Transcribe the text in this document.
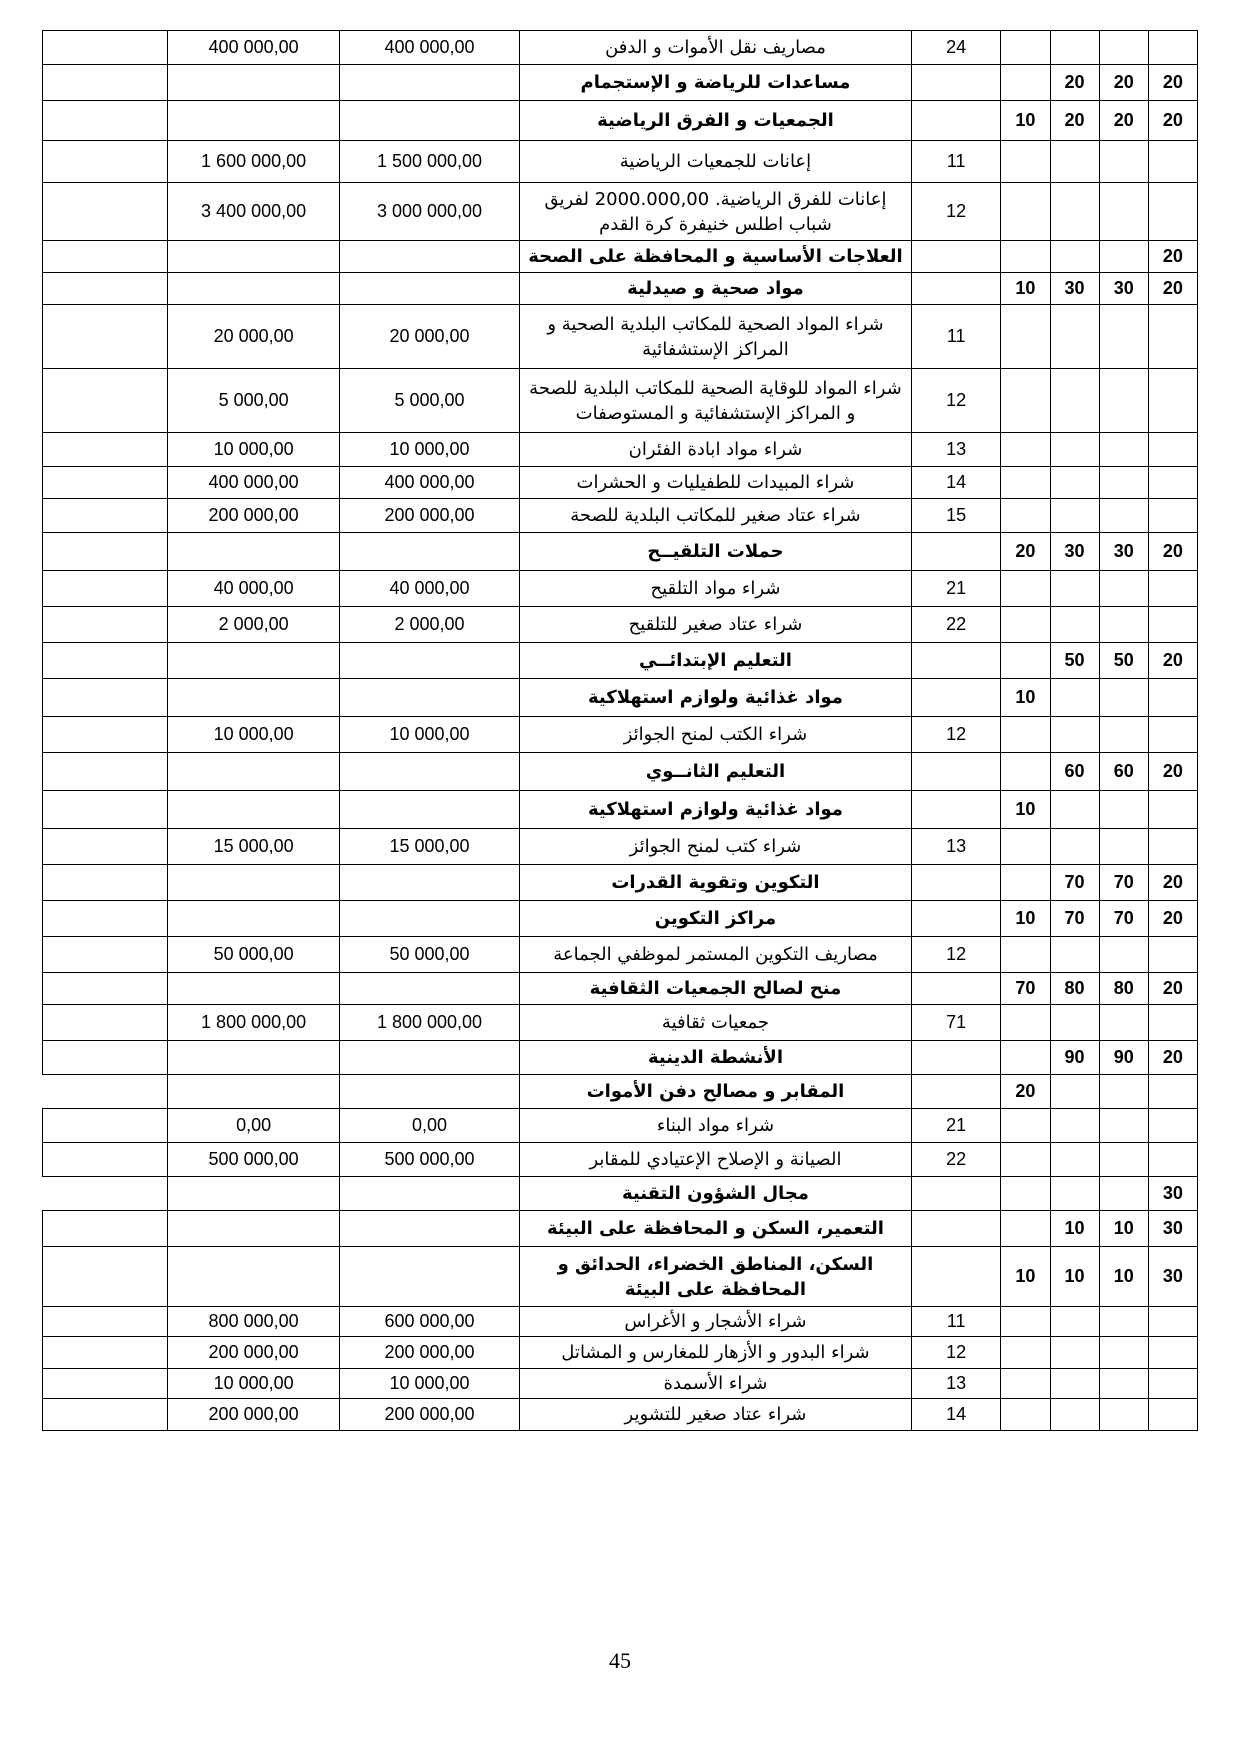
	400 000,00	400 000,00	مصاريف نقل الأموات و الدفن	24				
			مساعدات للرياضة و الإستجمام			20	20	20
			الجمعيات و الفرق الرياضية		10	20	20	20
	1 600 000,00	1 500 000,00	إعانات للجمعيات الرياضية	11				
	3 400 000,00	3 000 000,00	إعانات للفرق الرياضية. 2000.000,00 لفريق شباب اطلس خنيفرة كرة القدم	12				
			العلاجات الأساسية و المحافظة على الصحة					20
			مواد صحية و صيدلية		10	30	30	20
	20 000,00	20 000,00	شراء المواد الصحية للمكاتب البلدية الصحية و المراكز الإستشفائية	11				
	5 000,00	5 000,00	شراء المواد للوقاية الصحية للمكاتب البلدية للصحة و المراكز الإستشفائية و المستوصفات	12				
	10 000,00	10 000,00	شراء مواد ابادة الفئران	13				
	400 000,00	400 000,00	شراء المبيدات للطفيليات و الحشرات	14				
	200 000,00	200 000,00	شراء عتاد صغير للمكاتب البلدية للصحة	15				
			حملات التلقيــح		20	30	30	20
	40 000,00	40 000,00	شراء مواد التلقيح	21				
	2 000,00	2 000,00	شراء عتاد صغير للتلقيح	22				
			التعليم الإبتدائــي			50	50	20
			مواد غذائية ولوازم استهلاكية		10			
	10 000,00	10 000,00	شراء الكتب لمنح الجوائز	12				
			التعليم الثانــوي			60	60	20
			مواد غذائية ولوازم استهلاكية		10			
	15 000,00	15 000,00	شراء كتب لمنح الجوائز	13				
			التكوين وتقوية القدرات			70	70	20
			مراكز التكوين		10	70	70	20
	50 000,00	50 000,00	مصاريف التكوين المستمر لموظفي الجماعة	12				
			منح لصالح الجمعيات الثقافية		70	80	80	20
	1 800 000,00	1 800 000,00	جمعيات ثقافية	71				
			الأنشطة الدينية			90	90	20
			المقابر و مصالح دفن الأموات		20			
	0,00	0,00	شراء مواد البناء	21				
	500 000,00	500 000,00	الصيانة و الإصلاح الإعتيادي للمقابر	22				
			مجال الشؤون التقنية					30
			التعمير، السكن و المحافظة على البيئة			10	10	30
			السكن، المناطق الخضراء، الحدائق و المحافظة على البيئة		10	10	10	30
	800 000,00	600 000,00	شراء الأشجار و الأغراس	11				
	200 000,00	200 000,00	شراء البدور و الأزهار للمغارس و المشاتل	12				
	10 000,00	10 000,00	شراء الأسمدة	13				
	200 000,00	200 000,00	شراء عتاد صغير للتشوير	14				
45
